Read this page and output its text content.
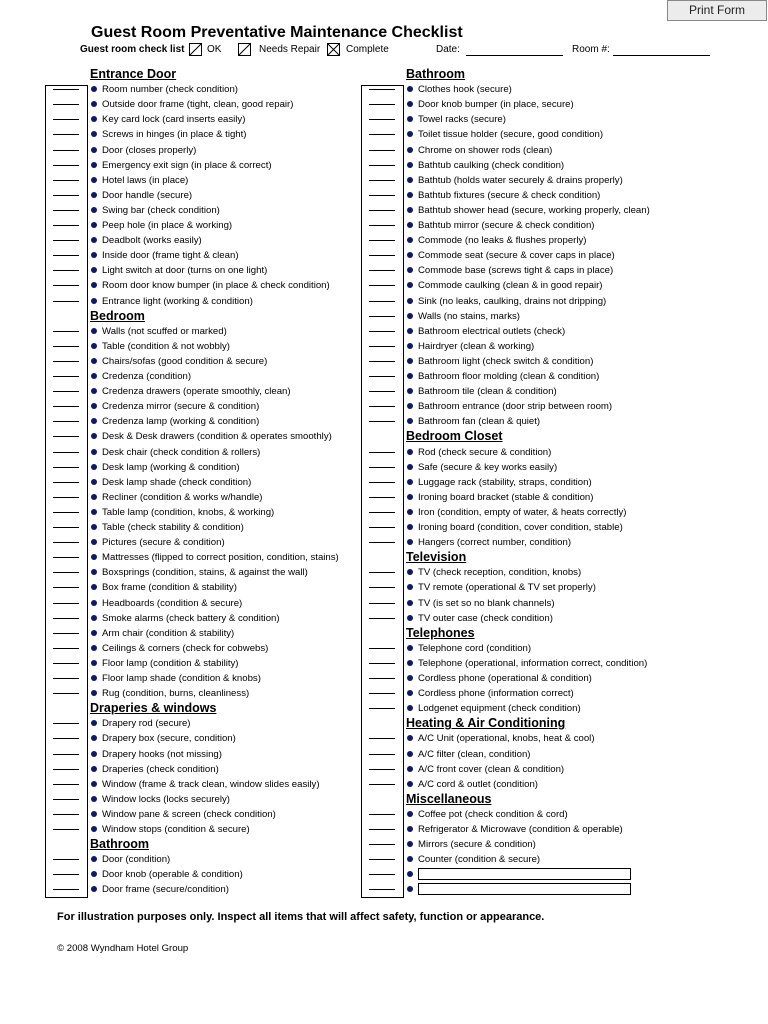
Print Form
Guest Room Preventative Maintenance Checklist
Guest room check list OK	Needs Repair	Complete	Date:	Room #:
Entrance Door
Room number (check condition)
Outside door frame (tight, clean, good repair)
Key card lock (card inserts easily)
Screws in hinges (in place & tight)
Door (closes properly)
Emergency exit sign (in place & correct)
Hotel laws (in place)
Door handle (secure)
Swing bar (check condition)
Peep hole (in place & working)
Deadbolt (works easily)
Inside door (frame tight & clean)
Light switch at door (turns on one light)
Room door know bumper (in place & check condition)
Entrance light (working & condition)
Bedroom
Walls (not scuffed or marked)
Table (condition & not wobbly)
Chairs/sofas (good condition & secure)
Credenza (condition)
Credenza drawers (operate smoothly, clean)
Credenza mirror (secure & condition)
Credenza lamp (working & condition)
Desk & Desk drawers (condition & operates smoothly)
Desk chair (check condition & rollers)
Desk lamp (working & condition)
Desk lamp shade (check condition)
Recliner (condition & works w/handle)
Table lamp (condition, knobs, & working)
Table (check stability & condition)
Pictures (secure & condition)
Mattresses (flipped to correct position, condition, stains)
Boxsprings (condition, stains, & against the wall)
Box frame (condition & stability)
Headboards (condition & secure)
Smoke alarms (check battery & condition)
Arm chair (condition & stability)
Ceilings & corners (check for cobwebs)
Floor lamp (condition & stability)
Floor lamp shade (condition & knobs)
Rug (condition, burns, cleanliness)
Draperies & windows
Drapery rod (secure)
Drapery box (secure, condition)
Drapery hooks (not missing)
Draperies (check condition)
Window (frame & track clean, window slides easily)
Window locks (locks securely)
Window pane & screen (check condition)
Window stops (condition & secure)
Bathroom
Door (condition)
Door knob (operable & condition)
Door frame (secure/condition)
Bathroom
Clothes hook (secure)
Door knob bumper (in place, secure)
Towel racks (secure)
Toilet tissue holder (secure, good condition)
Chrome on shower rods (clean)
Bathtub caulking (check condition)
Bathtub (holds water securely & drains properly)
Bathtub fixtures (secure & check condition)
Bathtub shower head (secure, working properly, clean)
Bathtub mirror (secure & check condition)
Commode (no leaks & flushes properly)
Commode seat (secure & cover caps in place)
Commode base (screws tight & caps in place)
Commode caulking (clean & in good repair)
Sink (no leaks, caulking, drains not dripping)
Walls (no stains, marks)
Bathroom electrical outlets (check)
Hairdryer (clean & working)
Bathroom light (check switch & condition)
Bathroom floor molding (clean & condition)
Bathroom tile (clean & condition)
Bathroom entrance (door strip between room)
Bathroom fan (clean & quiet)
Bedroom Closet
Rod (check secure & condition)
Safe (secure & key works easily)
Luggage rack (stability, straps, condition)
Ironing board bracket (stable & condition)
Iron (condition, empty of water, & heats correctly)
Ironing board (condition, cover condition, stable)
Hangers (correct number, condition)
Television
TV (check reception, condition, knobs)
TV remote (operational & TV set properly)
TV (is set so no blank channels)
TV outer case (check condition)
Telephones
Telephone cord (condition)
Telephone (operational, information correct, condition)
Cordless phone (operational & condition)
Cordless phone (information correct)
Lodgenet equipment (check condition)
Heating & Air Conditioning
A/C Unit (operational, knobs, heat & cool)
A/C filter (clean, condition)
A/C front cover (clean & condition)
A/C cord & outlet (condition)
Miscellaneous
Coffee pot (check condition & cord)
Refrigerator & Microwave (condition & operable)
Mirrors (secure & condition)
Counter (condition & secure)
For illustration purposes only. Inspect all items that will affect safety, function or appearance.
© 2008 Wyndham Hotel Group
